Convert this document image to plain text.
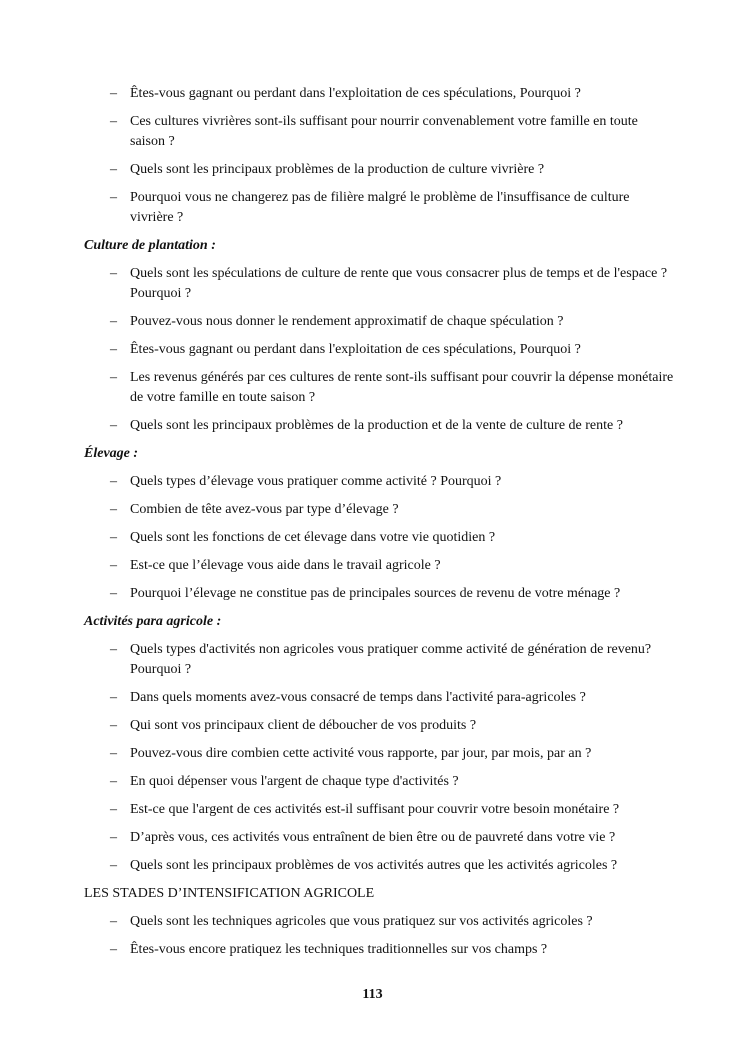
– Êtes-vous gagnant ou perdant dans l'exploitation de ces spéculations, Pourquoi ?
– Ces cultures vivrières sont-ils suffisant pour nourrir convenablement votre famille en toute saison ?
– Quels sont les principaux problèmes de la production de culture vivrière ?
– Pourquoi vous ne changerez pas de filière malgré le problème de l'insuffisance de culture vivrière ?
Culture de plantation :
– Quels sont les spéculations de culture de rente que vous consacrer plus de temps et de l'espace ? Pourquoi ?
– Pouvez-vous nous donner le rendement approximatif de chaque spéculation ?
– Êtes-vous gagnant ou perdant dans l'exploitation de ces spéculations, Pourquoi ?
– Les revenus générés par ces cultures de rente sont-ils suffisant pour couvrir la dépense monétaire de votre famille en toute saison ?
– Quels sont les principaux problèmes de la production et de la vente de culture de rente ?
Élevage :
– Quels types d’élevage vous pratiquer comme activité ? Pourquoi ?
– Combien de tête avez-vous par type d’élevage ?
– Quels sont les fonctions de cet élevage dans votre vie quotidien ?
– Est-ce que l’élevage vous aide dans le travail agricole ?
– Pourquoi l’élevage ne constitue pas de principales sources de revenu de votre ménage ?
Activités para agricole :
– Quels types d'activités non agricoles vous pratiquer comme activité de génération de revenu? Pourquoi ?
– Dans quels moments avez-vous consacré de temps dans l'activité para-agricoles ?
– Qui sont vos principaux client de déboucher de vos produits ?
– Pouvez-vous dire combien cette activité vous rapporte, par jour, par mois, par an ?
– En quoi dépenser vous l'argent de chaque type d'activités ?
– Est-ce que l'argent de ces activités est-il suffisant pour couvrir votre besoin monétaire ?
– D’après vous, ces activités vous entraînent de bien être ou de pauvreté dans votre vie ?
– Quels sont les principaux problèmes de vos activités autres que les activités agricoles ?
LES STADES D’INTENSIFICATION AGRICOLE
– Quels sont les techniques agricoles que vous pratiquez sur vos activités agricoles ?
– Êtes-vous encore pratiquez les techniques traditionnelles sur vos champs ?
113
